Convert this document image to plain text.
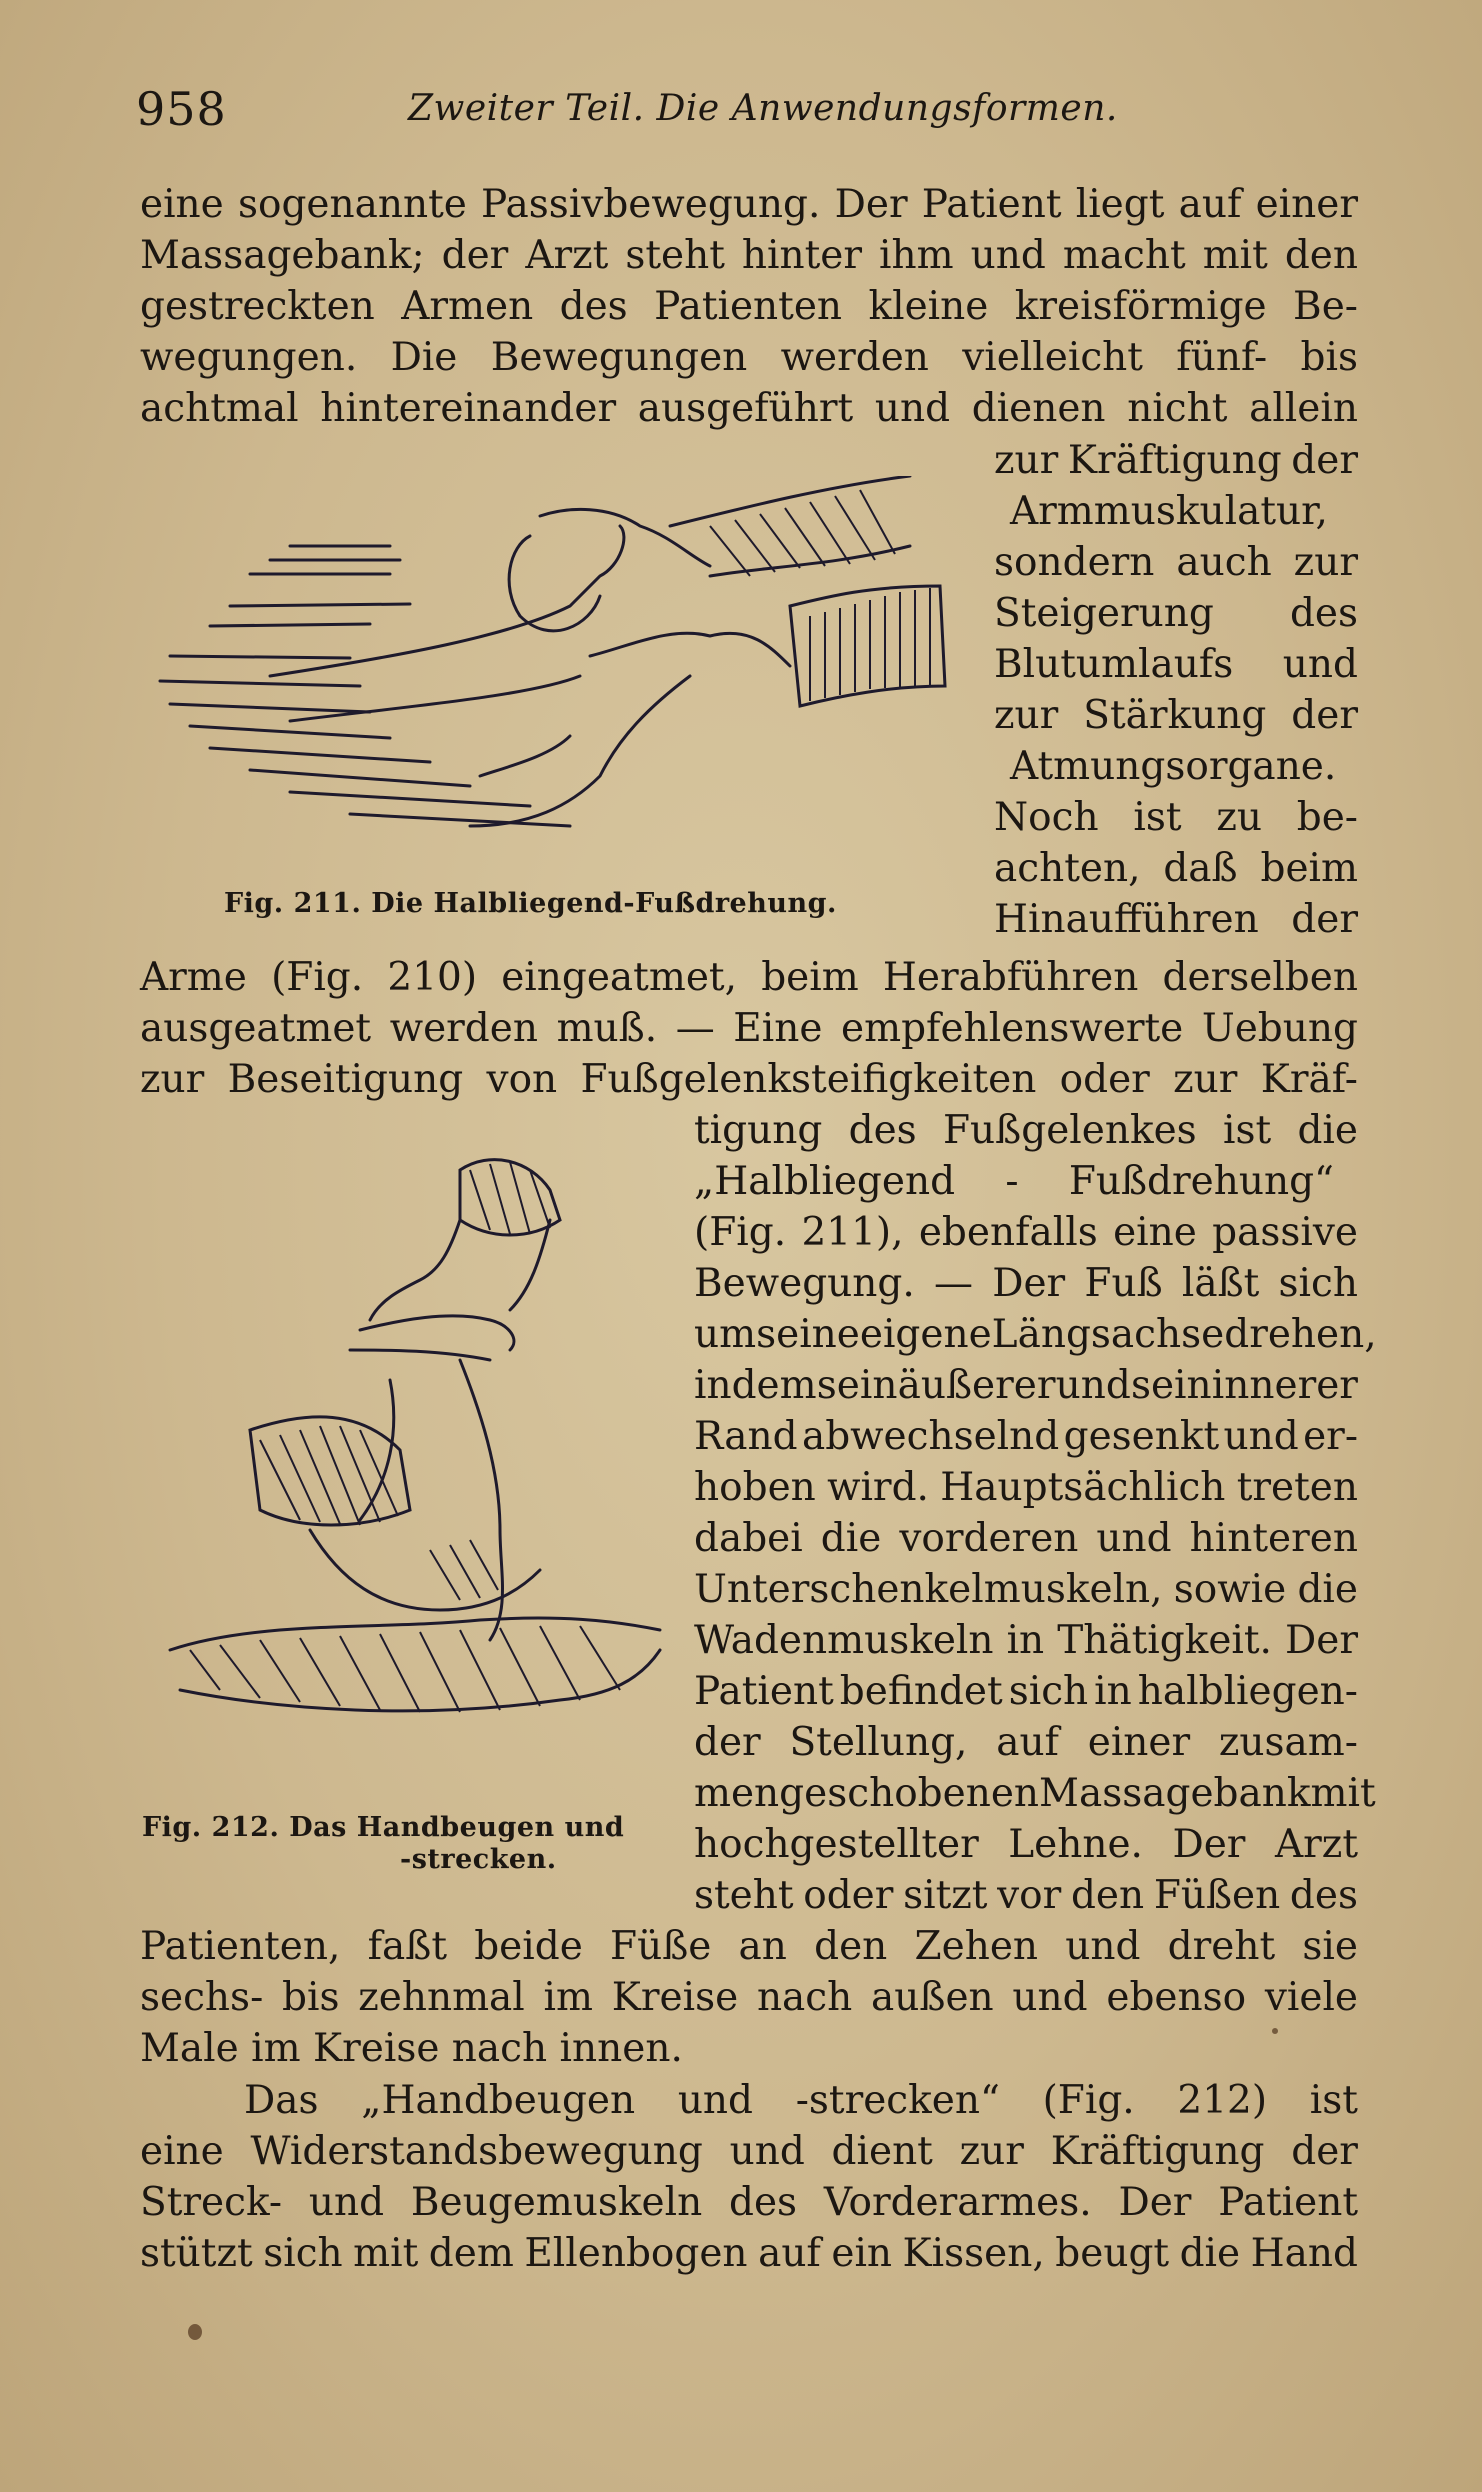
958	Zweiter Teil. Die Anwendungsformen.
eine sogenannte Passivbewegung. Der Patient liegt auf einer
Massagebank; der Arzt steht hinter ihm und macht mit den
gestreckten Armen des Patienten kleine kreisförmige Be-
wegungen. Die Bewegungen werden vielleicht fünf- bis
achtmal hintereinander ausgeführt und dienen nicht allein
zur Kräftigung der
Armmuskulatur,
sondern auch zur
Steigerung des
Blutumlaufs und
zur Stärkung der
Atmungsorgane.
Noch ist zu be-
achten, daß beim
Hinaufführen der
Fig. 211. Die Halbliegend-Fußdrehung.
Arme (Fig. 210) eingeatmet, beim Herabführen derselben
ausgeatmet werden muß. — Eine empfehlenswerte Uebung
zur Beseitigung von Fußgelenksteifigkeiten oder zur Kräf-
tigung des Fußgelenkes ist die
„Halbliegend - Fußdrehung“
(Fig. 211), ebenfalls eine passive
Bewegung. — Der Fuß läßt sich
um seine eigene Längsachse drehen,
indem sein äußerer und sein innerer
Rand abwechselnd gesenkt und er-
hoben wird. Hauptsächlich treten
dabei die vorderen und hinteren
Unterschenkelmuskeln, sowie die
Wadenmuskeln in Thätigkeit. Der
Patient befindet sich in halbliegen-
der Stellung, auf einer zusam-
mengeschobenen Massagebank mit
hochgestellter Lehne. Der Arzt
steht oder sitzt vor den Füßen des
Fig. 212. Das Handbeugen und
-strecken.
Patienten, faßt beide Füße an den Zehen und dreht sie
sechs- bis zehnmal im Kreise nach außen und ebenso viele
Male im Kreise nach innen.
Das „Handbeugen und -strecken“ (Fig. 212) ist
eine Widerstandsbewegung und dient zur Kräftigung der
Streck- und Beugemuskeln des Vorderarmes. Der Patient
stützt sich mit dem Ellenbogen auf ein Kissen, beugt die Hand
